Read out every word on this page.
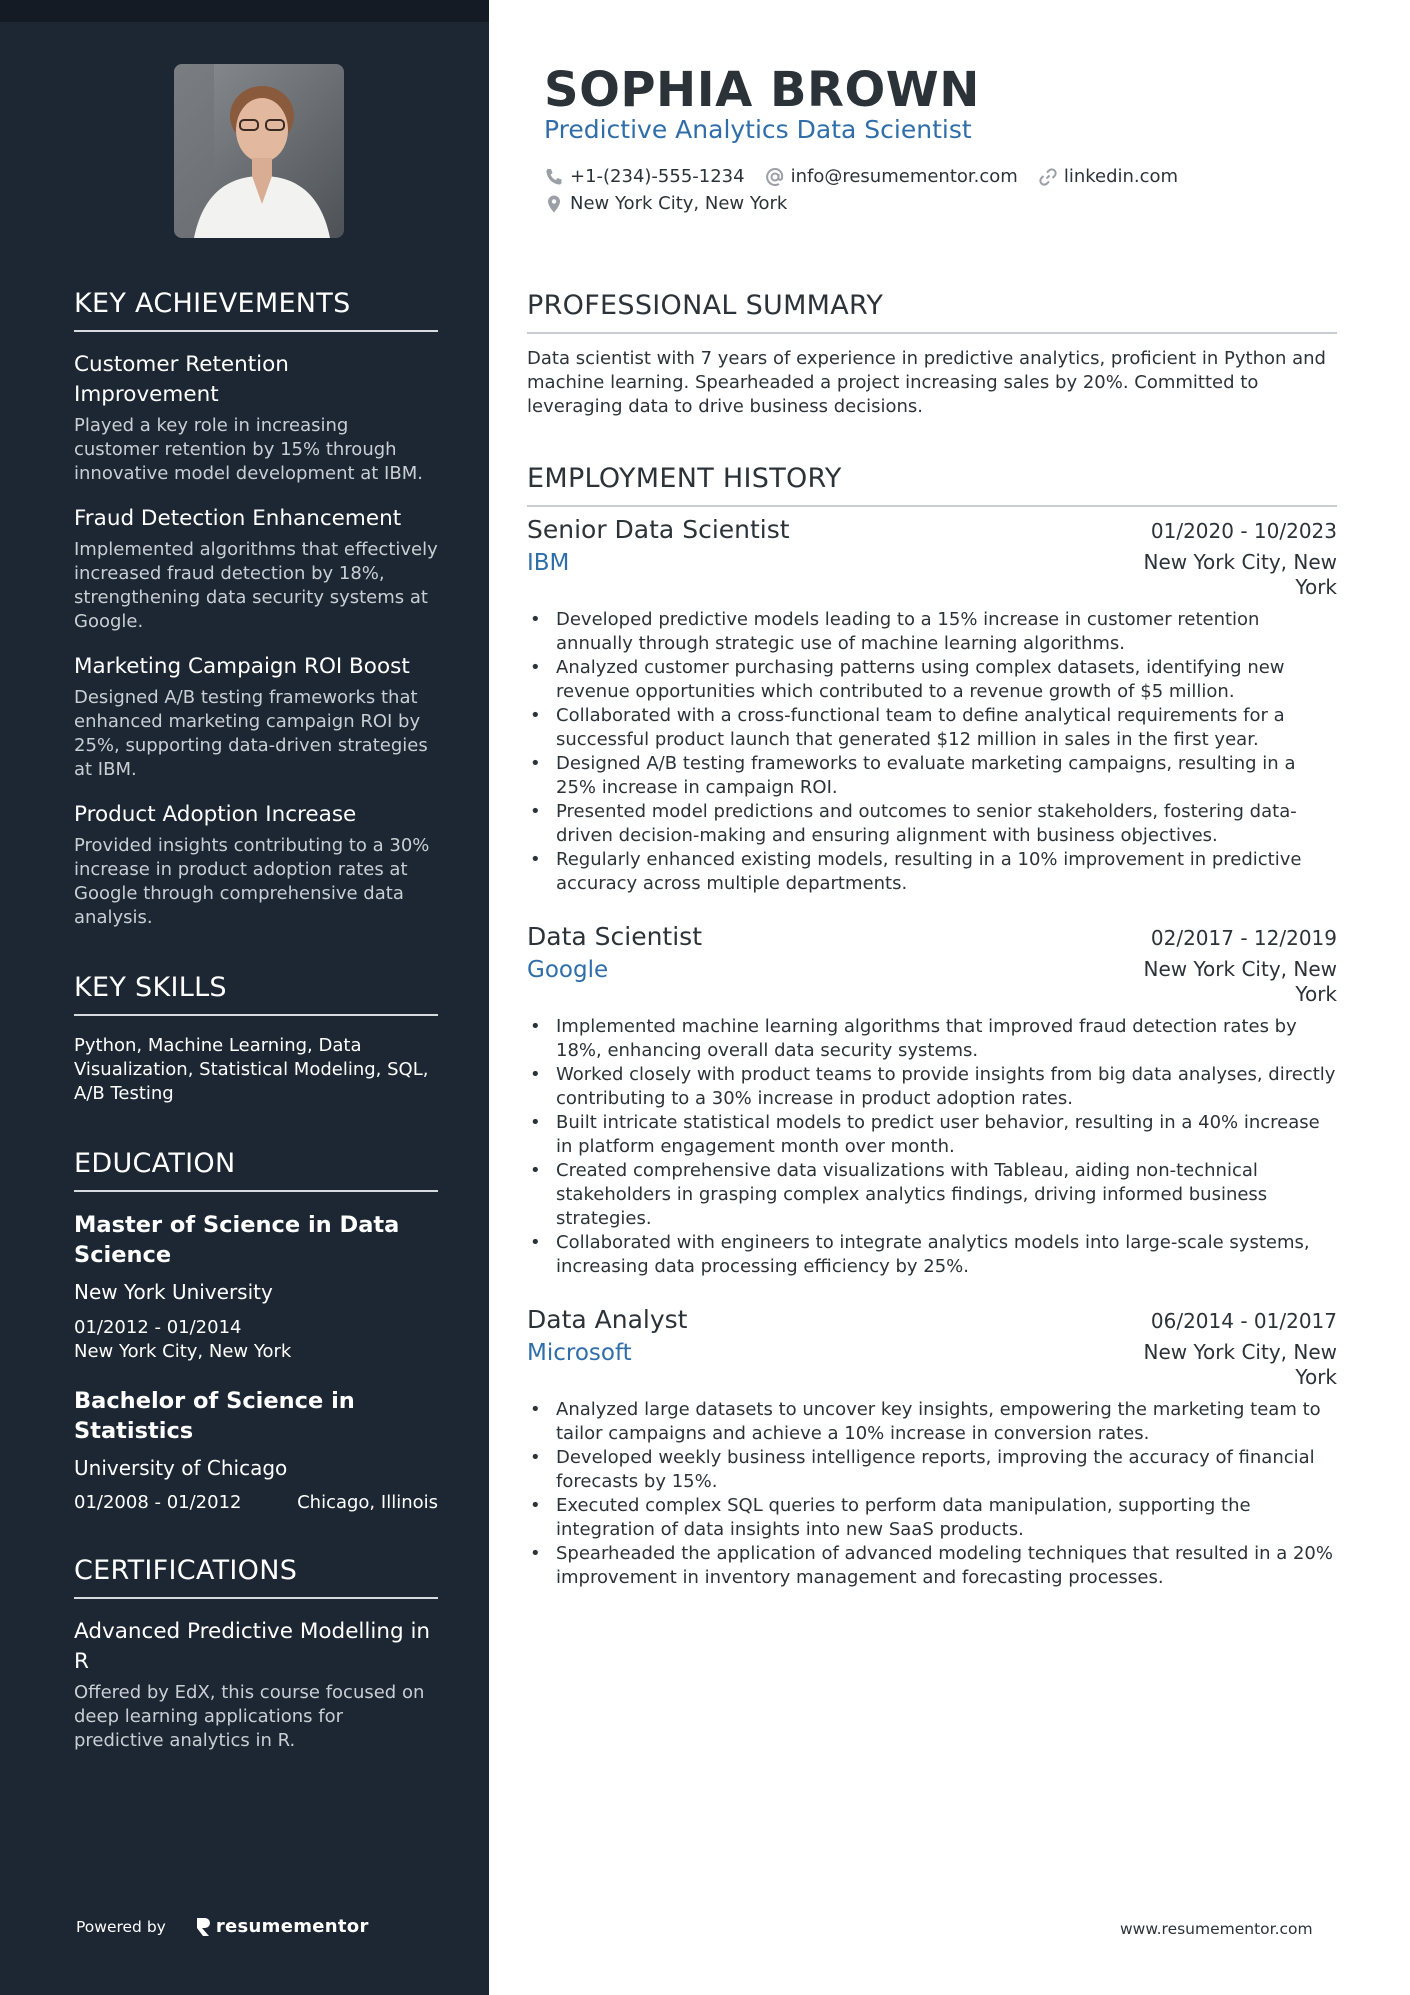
KEY ACHIEVEMENTS
Customer Retention Improvement
Played a key role in increasing customer retention by 15% through innovative model development at IBM.
Fraud Detection Enhancement
Implemented algorithms that effectively increased fraud detection by 18%, strengthening data security systems at Google.
Marketing Campaign ROI Boost
Designed A/B testing frameworks that enhanced marketing campaign ROI by 25%, supporting data-driven strategies at IBM.
Product Adoption Increase
Provided insights contributing to a 30% increase in product adoption rates at Google through comprehensive data analysis.
KEY SKILLS
Python, Machine Learning, Data Visualization, Statistical Modeling, SQL, A/B Testing
EDUCATION
Master of Science in Data Science
New York University
01/2012 - 01/2014
New York City, New York
Bachelor of Science in Statistics
University of Chicago
01/2008 - 01/2012	Chicago, Illinois
CERTIFICATIONS
Advanced Predictive Modelling in R
Offered by EdX, this course focused on deep learning applications for predictive analytics in R.
Powered by	resumementor
SOPHIA BROWN
Predictive Analytics Data Scientist
+1-(234)-555-1234	info@resumementor.com	linkedin.com
New York City, New York
PROFESSIONAL SUMMARY
Data scientist with 7 years of experience in predictive analytics, proficient in Python and machine learning. Spearheaded a project increasing sales by 20%. Committed to leveraging data to drive business decisions.
EMPLOYMENT HISTORY
Senior Data Scientist	01/2020 - 10/2023
IBM	New York City, New York
• Developed predictive models leading to a 15% increase in customer retention annually through strategic use of machine learning algorithms.
• Analyzed customer purchasing patterns using complex datasets, identifying new revenue opportunities which contributed to a revenue growth of $5 million.
• Collaborated with a cross-functional team to define analytical requirements for a successful product launch that generated $12 million in sales in the first year.
• Designed A/B testing frameworks to evaluate marketing campaigns, resulting in a 25% increase in campaign ROI.
• Presented model predictions and outcomes to senior stakeholders, fostering data-driven decision-making and ensuring alignment with business objectives.
• Regularly enhanced existing models, resulting in a 10% improvement in predictive accuracy across multiple departments.
Data Scientist	02/2017 - 12/2019
Google	New York City, New York
• Implemented machine learning algorithms that improved fraud detection rates by 18%, enhancing overall data security systems.
• Worked closely with product teams to provide insights from big data analyses, directly contributing to a 30% increase in product adoption rates.
• Built intricate statistical models to predict user behavior, resulting in a 40% increase in platform engagement month over month.
• Created comprehensive data visualizations with Tableau, aiding non-technical stakeholders in grasping complex analytics findings, driving informed business strategies.
• Collaborated with engineers to integrate analytics models into large-scale systems, increasing data processing efficiency by 25%.
Data Analyst	06/2014 - 01/2017
Microsoft	New York City, New York
• Analyzed large datasets to uncover key insights, empowering the marketing team to tailor campaigns and achieve a 10% increase in conversion rates.
• Developed weekly business intelligence reports, improving the accuracy of financial forecasts by 15%.
• Executed complex SQL queries to perform data manipulation, supporting the integration of data insights into new SaaS products.
• Spearheaded the application of advanced modeling techniques that resulted in a 20% improvement in inventory management and forecasting processes.
www.resumementor.com
